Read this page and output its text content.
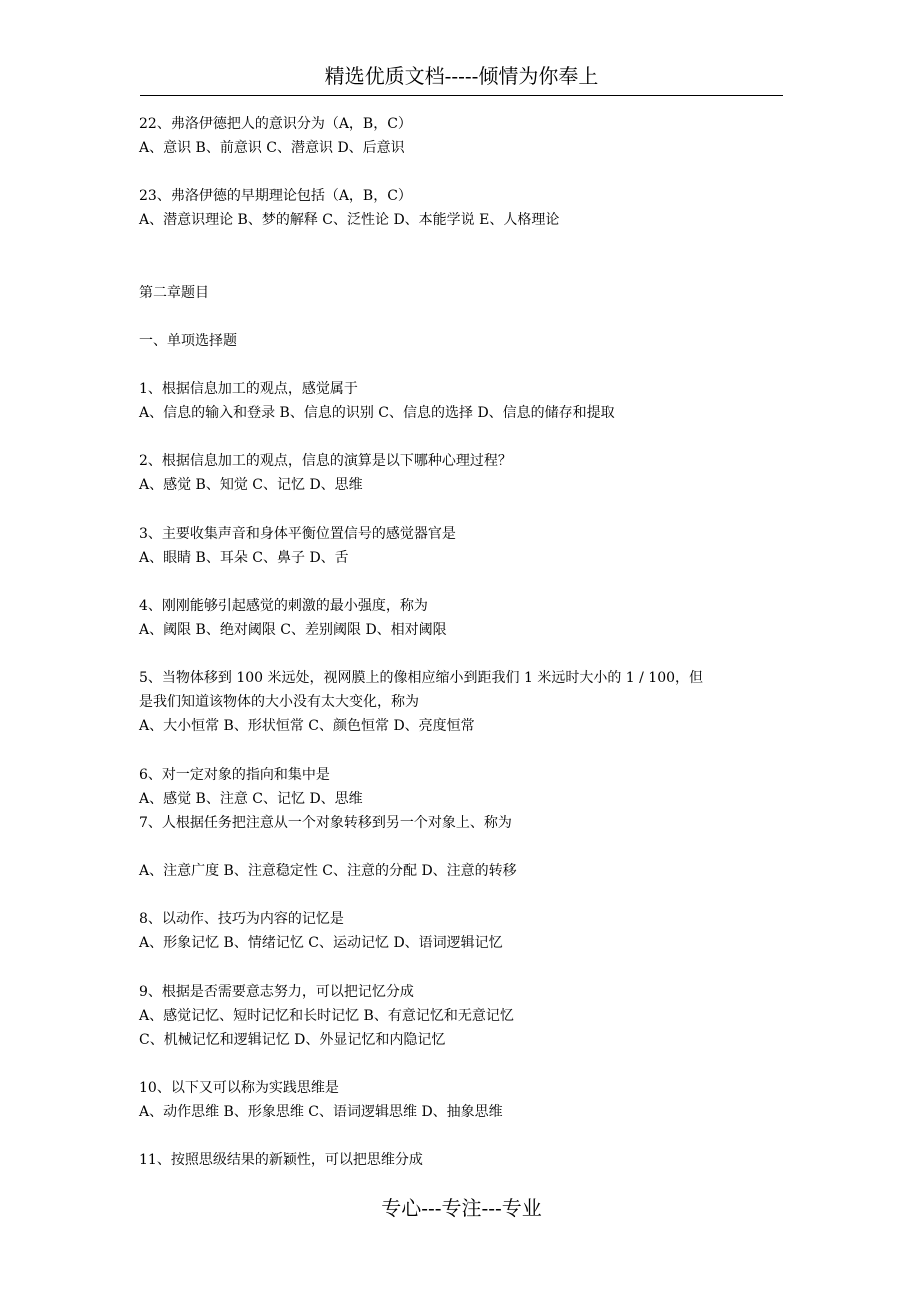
精选优质文档-----倾情为你奉上
22、弗洛伊德把人的意识分为（A，B，C）
A、意识 B、前意识 C、潜意识 D、后意识
23、弗洛伊德的早期理论包括（A，B，C）
A、潜意识理论 B、梦的解释 C、泛性论 D、本能学说 E、人格理论
第二章题目
一、单项选择题
1、根据信息加工的观点，感觉属于
A、信息的输入和登录 B、信息的识别 C、信息的选择 D、信息的储存和提取
2、根据信息加工的观点，信息的演算是以下哪种心理过程？
A、感觉 B、知觉 C、记忆 D、思维
3、主要收集声音和身体平衡位置信号的感觉器官是
A、眼睛 B、耳朵 C、鼻子 D、舌
4、刚刚能够引起感觉的刺激的最小强度，称为
A、阈限 B、绝对阈限 C、差别阈限 D、相对阈限
5、当物体移到 100 米远处，视网膜上的像相应缩小到距我们 1 米远时大小的 1 / 100，但
是我们知道该物体的大小没有太大变化，称为
A、大小恒常 B、形状恒常 C、颜色恒常 D、亮度恒常
6、对一定对象的指向和集中是
A、感觉 B、注意 C、记忆 D、思维
7、人根据任务把注意从一个对象转移到另一个对象上、称为
A、注意广度 B、注意稳定性 C、注意的分配 D、注意的转移
8、以动作、技巧为内容的记忆是
A、形象记忆 B、情绪记忆 C、运动记忆 D、语词逻辑记忆
9、根据是否需要意志努力，可以把记忆分成
A、感觉记忆、短时记忆和长时记忆 B、有意记忆和无意记忆
C、机械记忆和逻辑记忆 D、外显记忆和内隐记忆
10、以下又可以称为实践思维是
A、动作思维 B、形象思维 C、语词逻辑思维 D、抽象思维
11、按照思级结果的新颖性，可以把思维分成
专心---专注---专业
